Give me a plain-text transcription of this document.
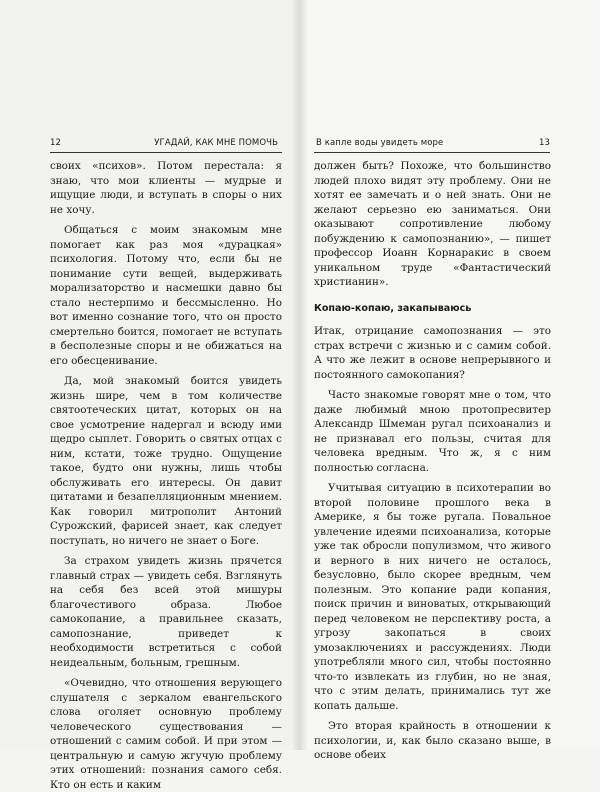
12	УГАДАЙ, КАК МНЕ ПОМОЧЬ

своих «психов». Потом перестала: я знаю, что мои клиенты — мудрые и ищущие люди, и вступать в споры о них не хочу.

Общаться с моим знакомым мне помогает как раз моя «дурацкая» психология. Потому что, если бы не понимание сути вещей, выдерживать морализаторство и насмешки давно бы стало нестерпимо и бессмысленно. Но вот именно сознание того, что он просто смертельно боится, помогает не вступать в бесполезные споры и не обижаться на его обесценивание.

Да, мой знакомый боится увидеть жизнь шире, чем в том количестве святоотеческих цитат, которых он на свое усмотрение надергал и всюду ими щедро сыплет. Говорить о святых отцах с ним, кстати, тоже трудно. Ощущение такое, будто они нужны, лишь чтобы обслуживать его интересы. Он давит цитатами и безапелляционным мнением. Как говорил митрополит Антоний Сурожский, фарисей знает, как следует поступать, но ничего не знает о Боге.

За страхом увидеть жизнь прячется главный страх — увидеть себя. Взглянуть на себя без всей этой мишуры благочестивого образа. Любое самокопание, а правильнее сказать, самопознание, приведет к необходимости встретиться с собой неидеальным, больным, грешным.

«Очевидно, что отношения верующего слушателя с зеркалом евангельского слова оголяет основную проблему человеческого существования — отношений с самим собой. И при этом — центральную и самую жгучую проблему этих отношений: познания самого себя. Кто он есть и каким

В капле воды увидеть море	13

должен быть? Похоже, что большинство людей плохо видят эту проблему. Они не хотят ее замечать и о ней знать. Они не желают серьезно ею заниматься. Они оказывают сопротивление любому побуждению к самопознанию», — пишет профессор Иоанн Корнаракис в своем уникальном труде «Фантастический христианин».

Копаю-копаю, закапываюсь

Итак, отрицание самопознания — это страх встречи с жизнью и с самим собой. А что же лежит в основе непрерывного и постоянного самокопания?

Часто знакомые говорят мне о том, что даже любимый мною протопресвитер Александр Шмеман ругал психоанализ и не признавал его пользы, считая для человека вредным. Что ж, я с ним полностью согласна.

Учитывая ситуацию в психотерапии во второй половине прошлого века в Америке, я бы тоже ругала. Повальное увлечение идеями психоанализа, которые уже так обросли популизмом, что живого и верного в них ничего не осталось, безусловно, было скорее вредным, чем полезным. Это копание ради копания, поиск причин и виноватых, открывающий перед человеком не перспективу роста, а угрозу закопаться в своих умозаключениях и рассуждениях. Люди употребляли много сил, чтобы постоянно что-то извлекать из глубин, но не зная, что с этим делать, принимались тут же копать дальше.

Это вторая крайность в отношении к психологии, и, как было сказано выше, в основе обеих
